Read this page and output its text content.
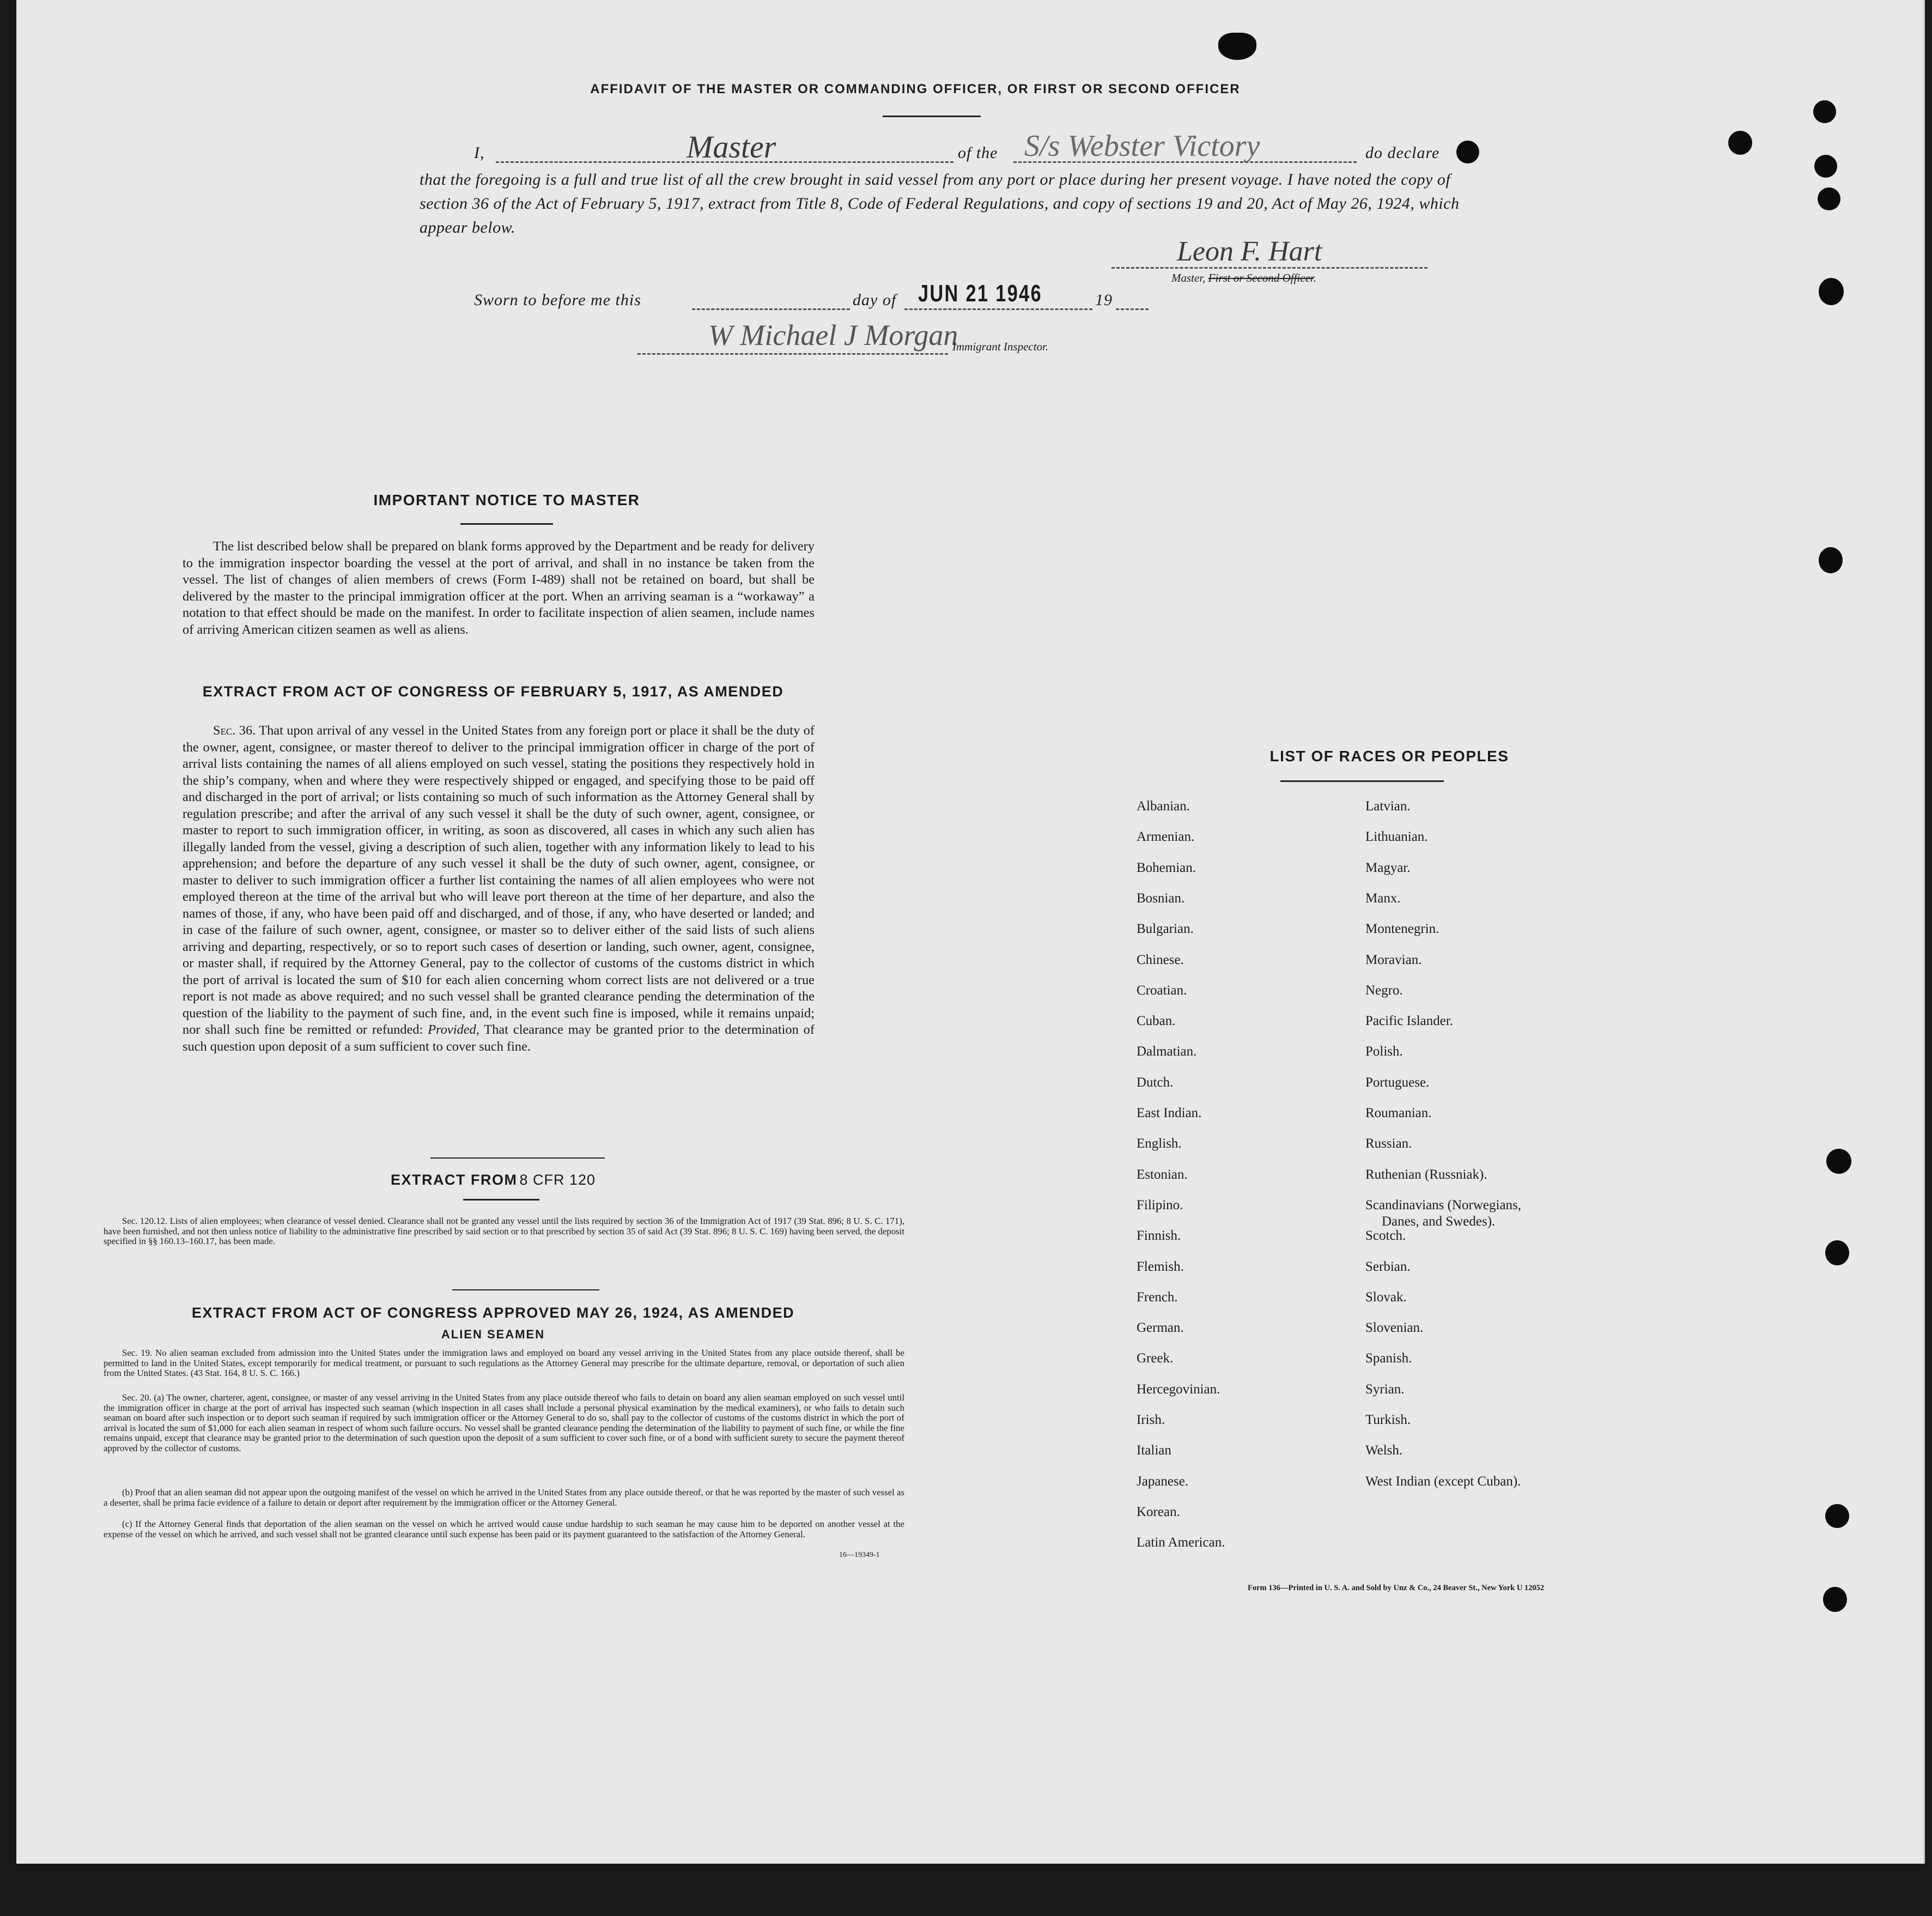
AFFIDAVIT OF THE MASTER OR COMMANDING OFFICER, OR FIRST OR SECOND OFFICER
I,	Master	of the S/s Webster Victory	do declare
that the foregoing is a full and true list of all the crew brought in said vessel from any port or place during her present voyage. I have noted the copy of section 36 of the Act of February 5, 1917, extract from Title 8, Code of Federal Regulations, and copy of sections 19 and 20, Act of May 26, 1924, which appear below.
Leon F. Hart
Master, First or Second Officer.
Sworn to before me this	day of JUN 21 1946	19
W Michael J Morgan
Immigrant Inspector.
IMPORTANT NOTICE TO MASTER
The list described below shall be prepared on blank forms approved by the Department and be ready for delivery to the immigration inspector boarding the vessel at the port of arrival, and shall in no instance be taken from the vessel. The list of changes of alien members of crews (Form I-489) shall not be retained on board, but shall be delivered by the master to the principal immigration officer at the port. When an arriving seaman is a “workaway” a notation to that effect should be made on the manifest. In order to facilitate inspection of alien seamen, include names of arriving American citizen seamen as well as aliens.
EXTRACT FROM ACT OF CONGRESS OF FEBRUARY 5, 1917, AS AMENDED
Sec. 36. That upon arrival of any vessel in the United States from any foreign port or place it shall be the duty of the owner, agent, consignee, or master thereof to deliver to the principal immigration officer in charge of the port of arrival lists containing the names of all aliens employed on such vessel, stating the positions they respectively hold in the ship’s company, when and where they were respectively shipped or engaged, and specifying those to be paid off and discharged in the port of arrival; or lists containing so much of such information as the Attorney General shall by regulation prescribe; and after the arrival of any such vessel it shall be the duty of such owner, agent, consignee, or master to report to such immigration officer, in writing, as soon as discovered, all cases in which any such alien has illegally landed from the vessel, giving a description of such alien, together with any information likely to lead to his apprehension; and before the departure of any such vessel it shall be the duty of such owner, agent, consignee, or master to deliver to such immigration officer a further list containing the names of all alien employees who were not employed thereon at the time of the arrival but who will leave port thereon at the time of her departure, and also the names of those, if any, who have been paid off and discharged, and of those, if any, who have deserted or landed; and in case of the failure of such owner, agent, consignee, or master so to deliver either of the said lists of such aliens arriving and departing, respectively, or so to report such cases of desertion or landing, such owner, agent, consignee, or master shall, if required by the Attorney General, pay to the collector of customs of the customs district in which the port of arrival is located the sum of $10 for each alien concerning whom correct lists are not delivered or a true report is not made as above required; and no such vessel shall be granted clearance pending the determination of the question of the liability to the payment of such fine, and, in the event such fine is imposed, while it remains unpaid; nor shall such fine be remitted or refunded: Provided, That clearance may be granted prior to the determination of such question upon deposit of a sum sufficient to cover such fine.
EXTRACT FROM 8 CFR 120
Sec. 120.12. Lists of alien employees; when clearance of vessel denied. Clearance shall not be granted any vessel until the lists required by section 36 of the Immigration Act of 1917 (39 Stat. 896; 8 U. S. C. 171), have been furnished, and not then unless notice of liability to the administrative fine prescribed by said section or to that prescribed by section 35 of said Act (39 Stat. 896; 8 U. S. C. 169) having been served, the deposit specified in §§ 160.13–160.17, has been made.
EXTRACT FROM ACT OF CONGRESS APPROVED MAY 26, 1924, AS AMENDED
ALIEN SEAMEN
Sec. 19. No alien seaman excluded from admission into the United States under the immigration laws and employed on board any vessel arriving in the United States from any place outside thereof, shall be permitted to land in the United States, except temporarily for medical treatment, or pursuant to such regulations as the Attorney General may prescribe for the ultimate departure, removal, or deportation of such alien from the United States. (43 Stat. 164, 8 U. S. C. 166.)
Sec. 20. (a) The owner, charterer, agent, consignee, or master of any vessel arriving in the United States from any place outside thereof who fails to detain on board any alien seaman employed on such vessel until the immigration officer in charge at the port of arrival has inspected such seaman (which inspection in all cases shall include a personal physical examination by the medical examiners), or who fails to detain such seaman on board after such inspection or to deport such seaman if required by such immigration officer or the Attorney General to do so, shall pay to the collector of customs of the customs district in which the port of arrival is located the sum of $1,000 for each alien seaman in respect of whom such failure occurs. No vessel shall be granted clearance pending the determination of the liability to payment of such fine, or while the fine remains unpaid, except that clearance may be granted prior to the determination of such question upon the deposit of a sum sufficient to cover such fine, or of a bond with sufficient surety to secure the payment thereof approved by the collector of customs.
(b) Proof that an alien seaman did not appear upon the outgoing manifest of the vessel on which he arrived in the United States from any place outside thereof, or that he was reported by the master of such vessel as a deserter, shall be prima facie evidence of a failure to detain or deport after requirement by the immigration officer or the Attorney General.
(c) If the Attorney General finds that deportation of the alien seaman on the vessel on which he arrived would cause undue hardship to such seaman he may cause him to be deported on another vessel at the expense of the vessel on which he arrived, and such vessel shall not be granted clearance until such expense has been paid or its payment guaranteed to the satisfaction of the Attorney General.
16—19349-1
LIST OF RACES OR PEOPLES
Form 136—Printed in U. S. A. and Sold by Unz & Co., 24 Beaver St., New York U 12052

Albanian.
Armenian.
Bohemian.
Bosnian.
Bulgarian.
Chinese.
Croatian.
Cuban.
Dalmatian.
Dutch.
East Indian.
English.
Estonian.
Filipino.
Finnish.
Flemish.
French.
German.
Greek.
Hercegovinian.
Irish.
Italian
Japanese.
Korean.
Latin American.
Latvian.
Lithuanian.
Magyar.
Manx.
Montenegrin.
Moravian.
Negro.
Pacific Islander.
Polish.
Portuguese.
Roumanian.
Russian.
Ruthenian (Russniak).
Scandinavians (Norwegians,
Danes, and Swedes).
Scotch.
Serbian.
Slovak.
Slovenian.
Spanish.
Syrian.
Turkish.
Welsh.
West Indian (except Cuban).
